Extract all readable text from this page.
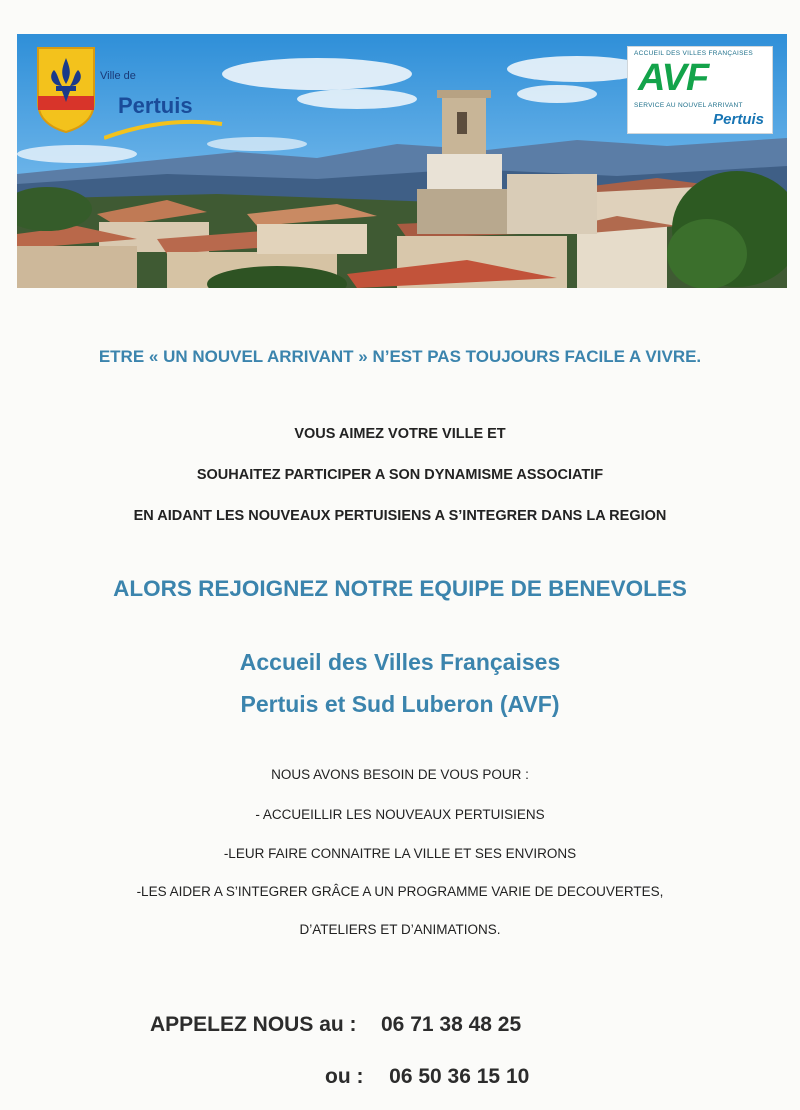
Ville de
Pertuis
ACCUEIL DES VILLES FRANÇAISES
AVF
SERVICE AU NOUVEL ARRIVANT
Pertuis
ETRE « UN NOUVEL ARRIVANT » N’EST PAS TOUJOURS FACILE A VIVRE.
VOUS AIMEZ VOTRE VILLE ET
SOUHAITEZ PARTICIPER A SON DYNAMISME ASSOCIATIF
EN AIDANT LES NOUVEAUX PERTUISIENS A S’INTEGRER DANS LA REGION
ALORS REJOIGNEZ NOTRE EQUIPE DE BENEVOLES
Accueil des Villes Françaises
Pertuis et Sud Luberon (AVF)
NOUS AVONS BESOIN DE VOUS POUR :
- ACCUEILLIR LES NOUVEAUX PERTUISIENS
-LEUR FAIRE CONNAITRE LA VILLE ET SES ENVIRONS
-LES AIDER A S’INTEGRER GRÂCE A UN PROGRAMME VARIE DE DECOUVERTES,
D’ATELIERS ET D’ANIMATIONS.
APPELEZ NOUS au : 06 71 38 48 25
ou : 06 50 36 15 10
